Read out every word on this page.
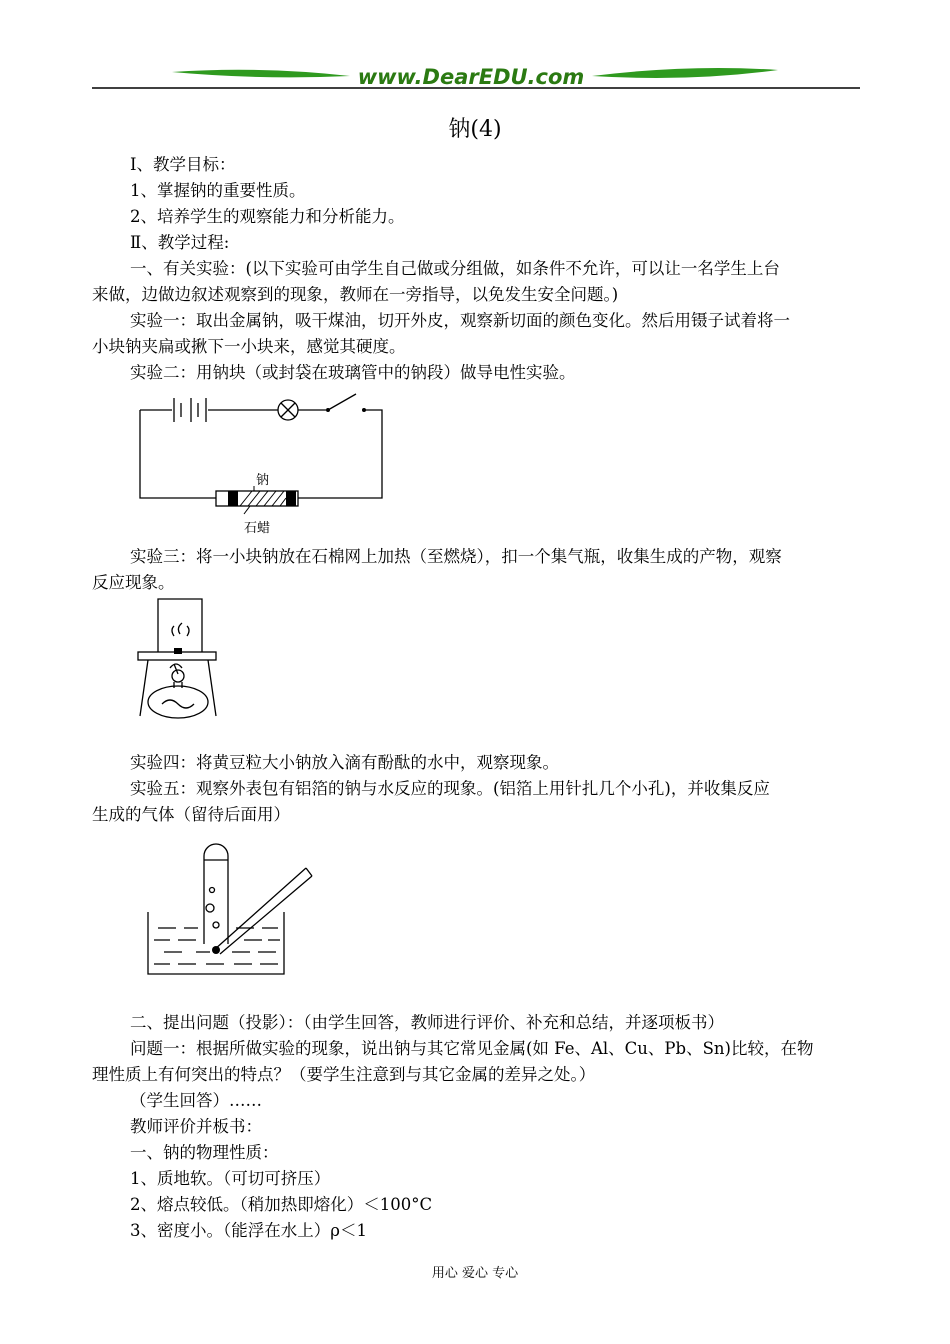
www.DearEDU.com
钠(4)
Ⅰ、教学目标：
1、掌握钠的重要性质。
2、培养学生的观察能力和分析能力。
Ⅱ、教学过程:
一、有关实验：(以下实验可由学生自己做或分组做，如条件不允许，可以让一名学生上台
来做，边做边叙述观察到的现象，教师在一旁指导，以免发生安全问题。)
实验一：取出金属钠，吸干煤油，切开外皮，观察新切面的颜色变化。然后用镊子试着将一
小块钠夹扁或揪下一小块来，感觉其硬度。
实验二：用钠块（或封袋在玻璃管中的钠段）做导电性实验。
钠
石蜡
实验三：将一小块钠放在石棉网上加热（至燃烧），扣一个集气瓶，收集生成的产物，观察
反应现象。
实验四：将黄豆粒大小钠放入滴有酚酞的水中，观察现象。
实验五：观察外表包有铝箔的钠与水反应的现象。(铝箔上用针扎几个小孔)，并收集反应
生成的气体（留待后面用）
二、提出问题（投影）：（由学生回答，教师进行评价、补充和总结，并逐项板书）
问题一：根据所做实验的现象，说出钠与其它常见金属(如 Fe、Al、Cu、Pb、Sn)比较，在物
理性质上有何突出的特点？（要学生注意到与其它金属的差异之处。）
（学生回答）……
教师评价并板书：
一、钠的物理性质：
1、质地软。（可切可挤压）
2、熔点较低。（稍加热即熔化）＜100°C
3、密度小。（能浮在水上）ρ＜1
用心 爱心 专心
